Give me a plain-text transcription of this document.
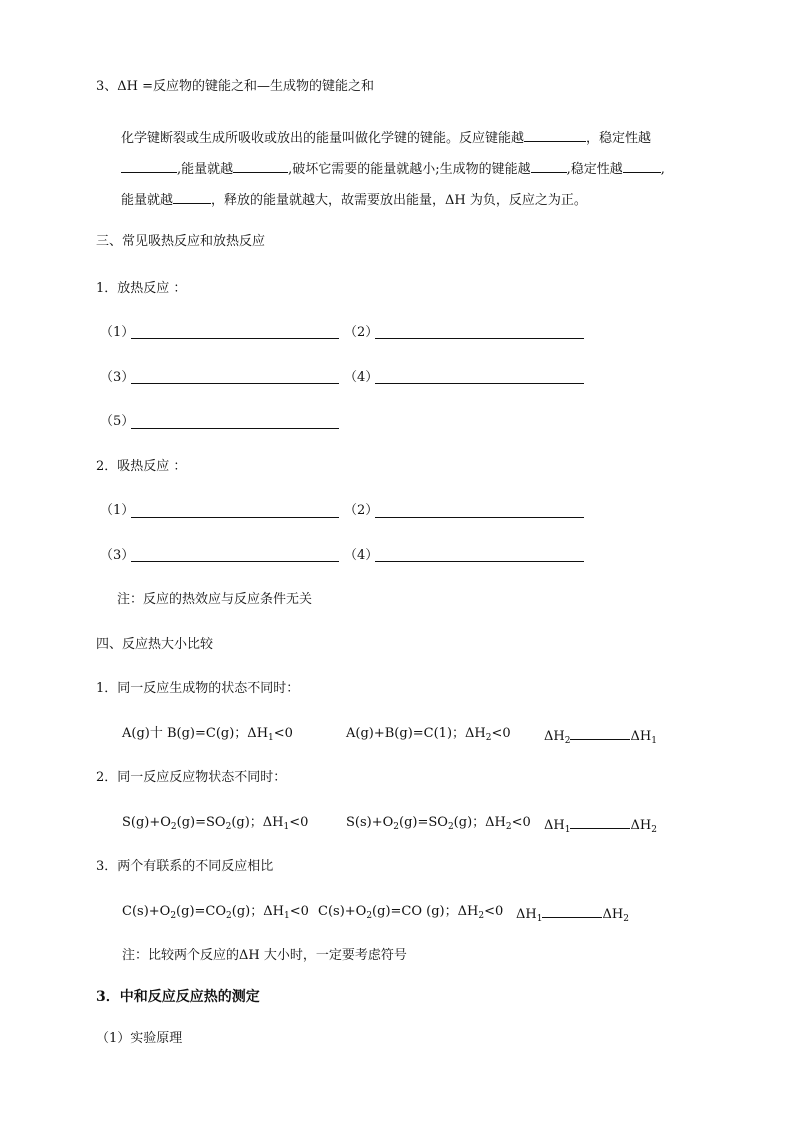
3、ΔH =反应物的键能之和—生成物的键能之和
化学键断裂或生成所吸收或放出的能量叫做化学键的键能。反应键能越	，稳定性越
,能量就越	,破坏它需要的能量就越小;生成物的键能越	,稳定性越	,
能量就越	，释放的能量就越大，故需要放出能量，ΔH 为负，反应之为正。
三、常见吸热反应和放热反应
1．放热反应 ：
（1）	（2）
（3）	（4）
（5）
2．吸热反应 ：
（1）	（2）
（3）	（4）
注：反应的热效应与反应条件无关
四、反应热大小比较
1．同一反应生成物的状态不同时：
A(g)十 B(g)=C(g)；$\Delta H_1<0$	A(g)+B(g)=C(1)；$\Delta H_2<0$	$\Delta H_2$	$\Delta H_1$
2．同一反应反应物状态不同时：
$S(g)+O_2(g)=SO_2(g)$；$\Delta H_1<0$	$S(s)+O_2(g)=SO_2(g)$；$\Delta H_2<0$ $\Delta H_1$	$\Delta H_2$
3．两个有联系的不同反应相比
$C(s)+O_2(g)=CO_2(g)$；$\Delta H_1<0$ $C(s)+O_2(g)=CO$ (g)；$\Delta H_2<0$ $\Delta H_1$	$\Delta H_2$
注：比较两个反应的ΔH 大小时，一定要考虑符号
3．中和反应反应热的测定
（1）实验原理
